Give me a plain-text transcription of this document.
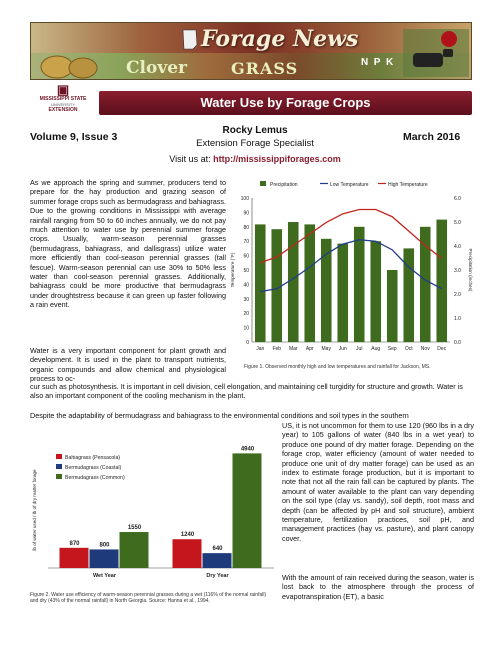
Forage News
Clover	GRASS	N P K
▣
MISSISSIPPI STATE
UNIVERSITY
EXTENSION	Water Use by Forage Crops
Volume 9, Issue 3
Rocky Lemus
Extension Forage Specialist
March 2016
Visit us at: http://mississippiforages.com
As we approach the spring and summer, producers tend to prepare for the hay production and grazing season of summer forage crops such as bermudagrass and bahiagrass. Due to the growing conditions in Mississippi with average rainfall ranging from 50 to 60 inches annually, we do not pay much attention to water use by perennial summer forage crops. Usually, warm-season perennial grasses (bermudagrass, bahiagrass, and dallisgrass) utilize water more efficiently than cool-season perennial grasses (tall fescue). Warm-season perennial can use 30% to 50% less water than cool-season perennial grasses. Additionally, bahiagrass could be more productive that bermudagrass under droughtstress because it can green up faster following a rain event.
Water is a very important component for plant growth and development. It is used in the plant to transport nutrients, organic compounds and allow chemical and physiological process to oc-
cur such as photosynthesis. It is important in cell division, cell elongation, and maintaining cell turgidity for structure and growth. Water is also an important component of the cooling mechanism in the plant.
Despite the adaptability of bermudagrass and bahiagrass to the environmental conditions and soil types in the southern
US, it is not uncommon for them to use 120 (960 lbs in a dry year) to 105 gallons of water (840 lbs in a wet year) to produce one pound of dry matter forage. Depending on the forage crop, water efficiency (amount of water needed to produce one unit of dry matter forage) can be used as an index to estimate forage production, but it is important to note that not all the rain fall can be captured by plants. The amount of water available to the plant can vary depending on the soil type (clay vs. sandy), soil depth, root mass and depth (can be affected by pH and soil structure), ambient temperature, fertilization practices, soil pH, and management practices (hay vs. pasture), and plant canopy cover.
With the amount of rain received during the season, water is lost back to the atmosphere through the process of evapotranspiration (ET), a basic
0
10
20
30
40
50
60
70
80
90
100
0.0
1.0
2.0
3.0
4.0
5.0
6.0
Temperature (°F)	Precipitation (inches)
Jan Feb Mar Apr May Jun Jul Aug Sep Oct Nov Dec
Precipitation	Low Temperature	High Temperature
Figure 1. Observed monthly high and low temperatures and rainfall for Jackson, MS.
lb of water used / lb of dry matter forage	870	800
1550
Wet Year
1240
640
4940
Dry Year
Bahiagrass (Pensacola)
Bermudagrass (Coastal)
Bermudagrass (Common)
Figure 2. Water use efficiency of warm-season perennial grasses during a wet (116% of the normal rainfall) and dry (43% of the normal rainfall) in North Georgia. Source: Hanna et al., 1994.
